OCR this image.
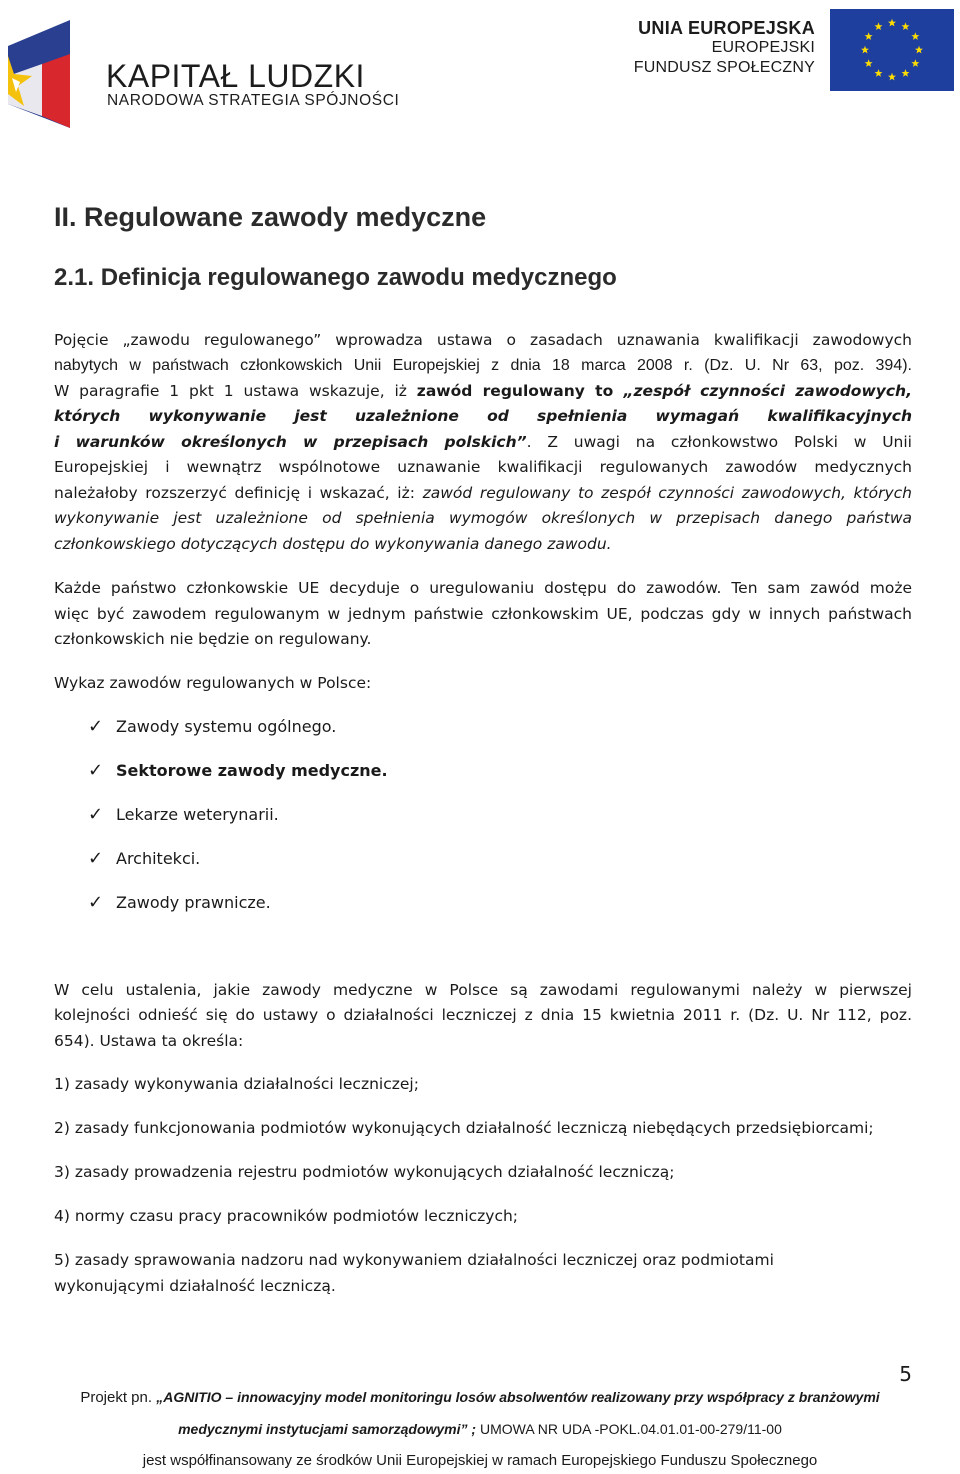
KAPITAŁ LUDZKI
NARODOWA STRATEGIA SPÓJNOŚCI
UNIA EUROPEJSKA
EUROPEJSKI
FUNDUSZ SPOŁECZNY
II. Regulowane zawody medyczne
2.1. Definicja regulowanego zawodu medycznego
Pojęcie „zawodu regulowanego” wprowadza ustawa o zasadach uznawania kwalifikacji zawodowych
nabytych w państwach członkowskich Unii Europejskiej z dnia 18 marca 2008 r. (Dz. U. Nr 63, poz. 394).
W paragrafie 1 pkt 1 ustawa wskazuje, iż zawód regulowany to „zespół czynności zawodowych,
których wykonywanie jest uzależnione od spełnienia wymagań kwalifikacyjnych
i warunków określonych w przepisach polskich”. Z uwagi na członkowstwo Polski w Unii
Europejskiej i wewnątrz wspólnotowe uznawanie kwalifikacji regulowanych zawodów medycznych
należałoby rozszerzyć definicję i wskazać, iż: zawód regulowany to zespół czynności zawodowych, których
wykonywanie jest uzależnione od spełnienia wymogów określonych w przepisach danego państwa
członkowskiego dotyczących dostępu do wykonywania danego zawodu.
Każde państwo członkowskie UE decyduje o uregulowaniu dostępu do zawodów. Ten sam zawód może
więc być zawodem regulowanym w jednym państwie członkowskim UE, podczas gdy w innych państwach
członkowskich nie będzie on regulowany.
Wykaz zawodów regulowanych w Polsce:
✓ Zawody systemu ogólnego.
✓ Sektorowe zawody medyczne.
✓ Lekarze weterynarii.
✓ Architekci.
✓ Zawody prawnicze.
W celu ustalenia, jakie zawody medyczne w Polsce są zawodami regulowanymi należy w pierwszej
kolejności odnieść się do ustawy o działalności leczniczej z dnia 15 kwietnia 2011 r. (Dz. U. Nr 112, poz.
654). Ustawa ta określa:
1) zasady wykonywania działalności leczniczej;
2) zasady funkcjonowania podmiotów wykonujących działalność leczniczą niebędących przedsiębiorcami;
3) zasady prowadzenia rejestru podmiotów wykonujących działalność leczniczą;
4) normy czasu pracy pracowników podmiotów leczniczych;
5) zasady sprawowania nadzoru nad wykonywaniem działalności leczniczej oraz podmiotami
wykonującymi działalność leczniczą.
5
Projekt pn. „AGNITIO – innowacyjny model monitoringu losów absolwentów realizowany przy współpracy z branżowymi
medycznymi instytucjami samorządowymi” ; UMOWA NR UDA -POKL.04.01.01-00-279/11-00
jest współfinansowany ze środków Unii Europejskiej w ramach Europejskiego Funduszu Społecznego
